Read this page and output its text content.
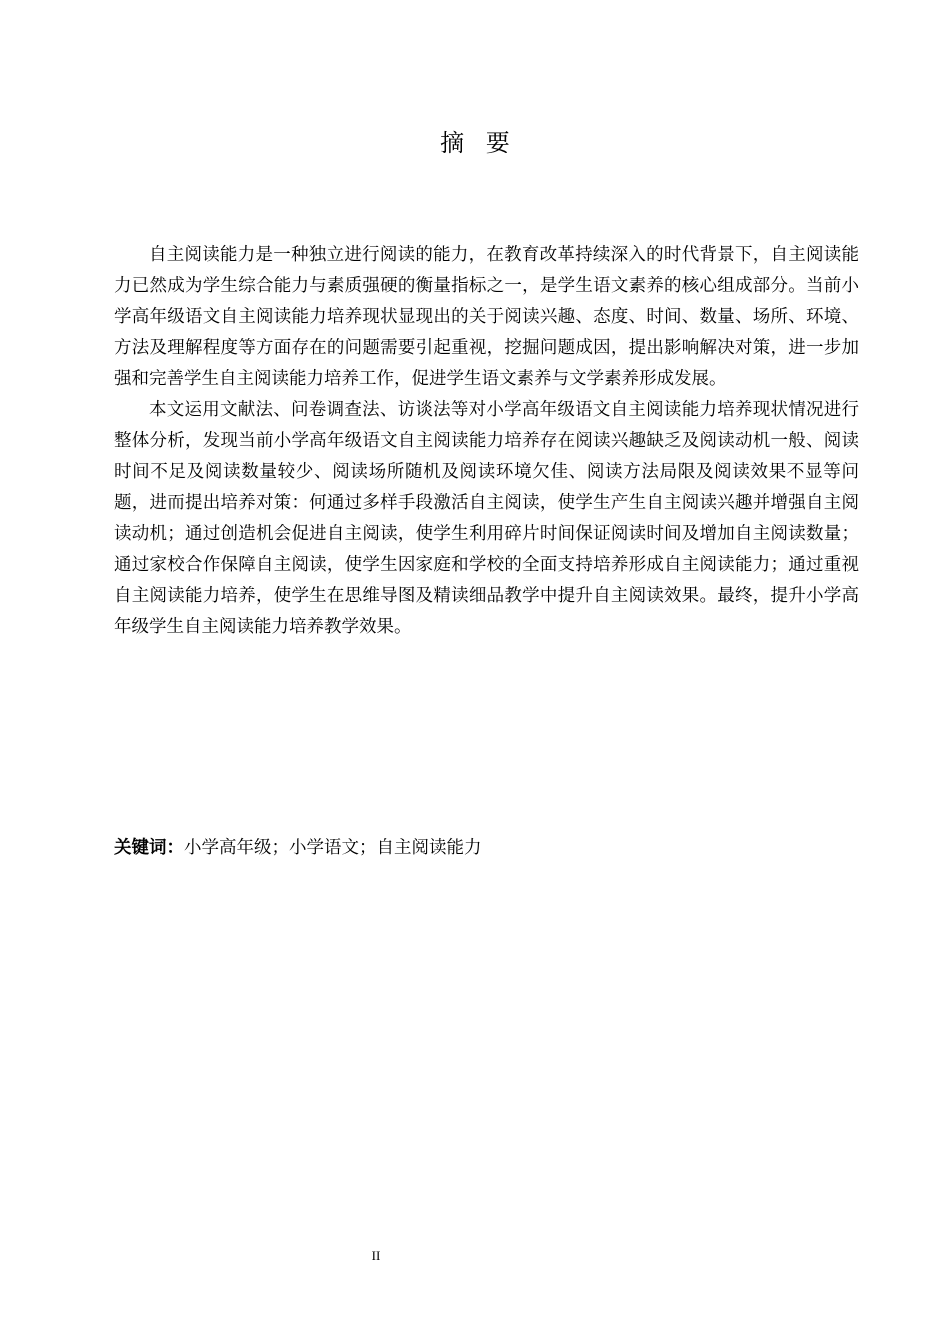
摘 要

自主阅读能力是一种独立进行阅读的能力，在教育改革持续深入的时代背景下，自主阅读能力已然成为学生综合能力与素质强硬的衡量指标之一，是学生语文素养的核心组成部分。当前小学高年级语文自主阅读能力培养现状显现出的关于阅读兴趣、态度、时间、数量、场所、环境、方法及理解程度等方面存在的问题需要引起重视，挖掘问题成因，提出影响解决对策，进一步加强和完善学生自主阅读能力培养工作，促进学生语文素养与文学素养形成发展。

本文运用文献法、问卷调查法、访谈法等对小学高年级语文自主阅读能力培养现状情况进行整体分析，发现当前小学高年级语文自主阅读能力培养存在阅读兴趣缺乏及阅读动机一般、阅读时间不足及阅读数量较少、阅读场所随机及阅读环境欠佳、阅读方法局限及阅读效果不显等问题，进而提出培养对策：何通过多样手段激活自主阅读，使学生产生自主阅读兴趣并增强自主阅读动机；通过创造机会促进自主阅读，使学生利用碎片时间保证阅读时间及增加自主阅读数量；通过家校合作保障自主阅读，使学生因家庭和学校的全面支持培养形成自主阅读能力；通过重视自主阅读能力培养，使学生在思维导图及精读细品教学中提升自主阅读效果。最终，提升小学高年级学生自主阅读能力培养教学效果。

关键词：小学高年级；小学语文；自主阅读能力
II
